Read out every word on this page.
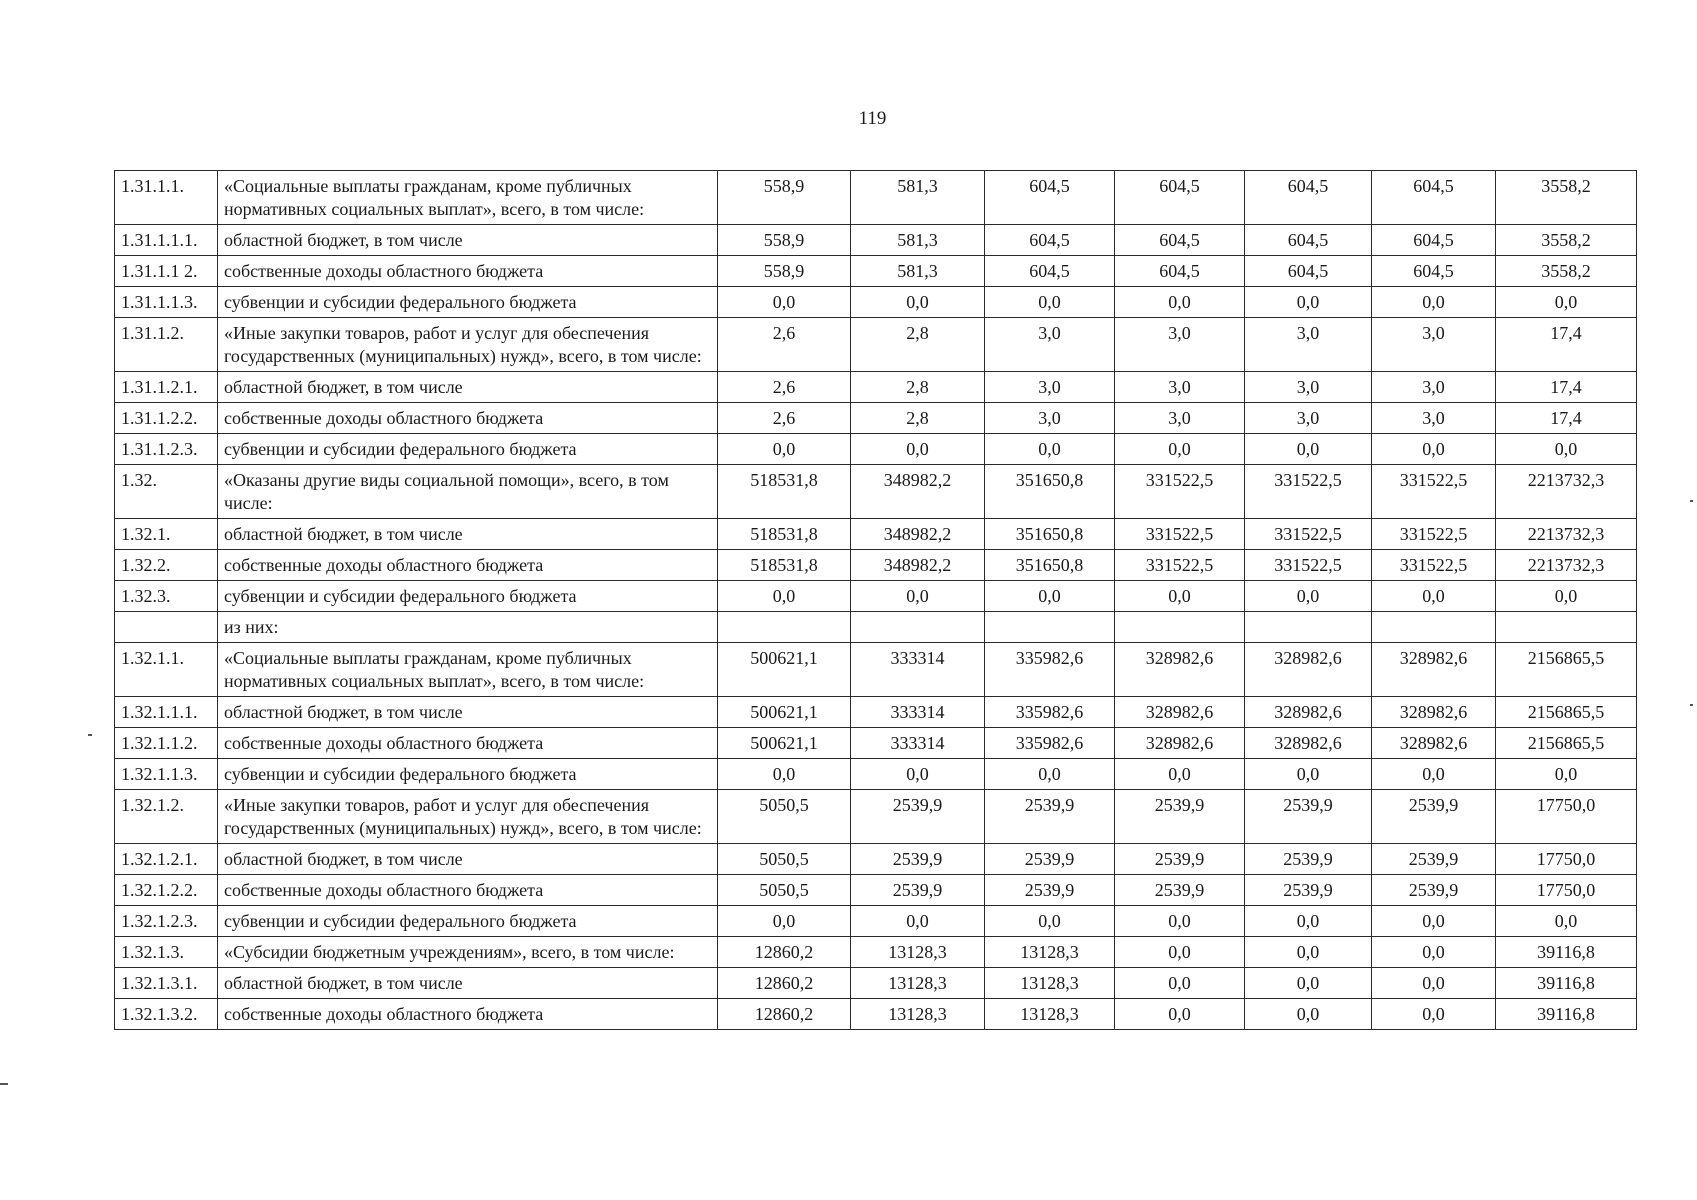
119
1.31.1.1.	«Социальные выплаты гражданам, кроме публичных нормативных социальных выплат», всего, в том числе:	558,9	581,3	604,5	604,5	604,5	604,5	3558,2
1.31.1.1.1.	областной бюджет, в том числе	558,9	581,3	604,5	604,5	604,5	604,5	3558,2
1.31.1.1 2.	собственные доходы областного бюджета	558,9	581,3	604,5	604,5	604,5	604,5	3558,2
1.31.1.1.3.	субвенции и субсидии федерального бюджета	0,0	0,0	0,0	0,0	0,0	0,0	0,0
1.31.1.2.	«Иные закупки товаров, работ и услуг для обеспечения государственных (муниципальных) нужд», всего, в том числе:	2,6	2,8	3,0	3,0	3,0	3,0	17,4
1.31.1.2.1.	областной бюджет, в том числе	2,6	2,8	3,0	3,0	3,0	3,0	17,4
1.31.1.2.2.	собственные доходы областного бюджета	2,6	2,8	3,0	3,0	3,0	3,0	17,4
1.31.1.2.3.	субвенции и субсидии федерального бюджета	0,0	0,0	0,0	0,0	0,0	0,0	0,0
1.32.	«Оказаны другие виды социальной помощи», всего, в том числе:	518531,8	348982,2	351650,8	331522,5	331522,5	331522,5	2213732,3
1.32.1.	областной бюджет, в том числе	518531,8	348982,2	351650,8	331522,5	331522,5	331522,5	2213732,3
1.32.2.	собственные доходы областного бюджета	518531,8	348982,2	351650,8	331522,5	331522,5	331522,5	2213732,3
1.32.3.	субвенции и субсидии федерального бюджета	0,0	0,0	0,0	0,0	0,0	0,0	0,0
	из них:							
1.32.1.1.	«Социальные выплаты гражданам, кроме публичных нормативных социальных выплат», всего, в том числе:	500621,1	333314	335982,6	328982,6	328982,6	328982,6	2156865,5
1.32.1.1.1.	областной бюджет, в том числе	500621,1	333314	335982,6	328982,6	328982,6	328982,6	2156865,5
1.32.1.1.2.	собственные доходы областного бюджета	500621,1	333314	335982,6	328982,6	328982,6	328982,6	2156865,5
1.32.1.1.3.	субвенции и субсидии федерального бюджета	0,0	0,0	0,0	0,0	0,0	0,0	0,0
1.32.1.2.	«Иные закупки товаров, работ и услуг для обеспечения государственных (муниципальных) нужд», всего, в том числе:	5050,5	2539,9	2539,9	2539,9	2539,9	2539,9	17750,0
1.32.1.2.1.	областной бюджет, в том числе	5050,5	2539,9	2539,9	2539,9	2539,9	2539,9	17750,0
1.32.1.2.2.	собственные доходы областного бюджета	5050,5	2539,9	2539,9	2539,9	2539,9	2539,9	17750,0
1.32.1.2.3.	субвенции и субсидии федерального бюджета	0,0	0,0	0,0	0,0	0,0	0,0	0,0
1.32.1.3.	«Субсидии бюджетным учреждениям», всего, в том числе:	12860,2	13128,3	13128,3	0,0	0,0	0,0	39116,8
1.32.1.3.1.	областной бюджет, в том числе	12860,2	13128,3	13128,3	0,0	0,0	0,0	39116,8
1.32.1.3.2.	собственные доходы областного бюджета	12860,2	13128,3	13128,3	0,0	0,0	0,0	39116,8
